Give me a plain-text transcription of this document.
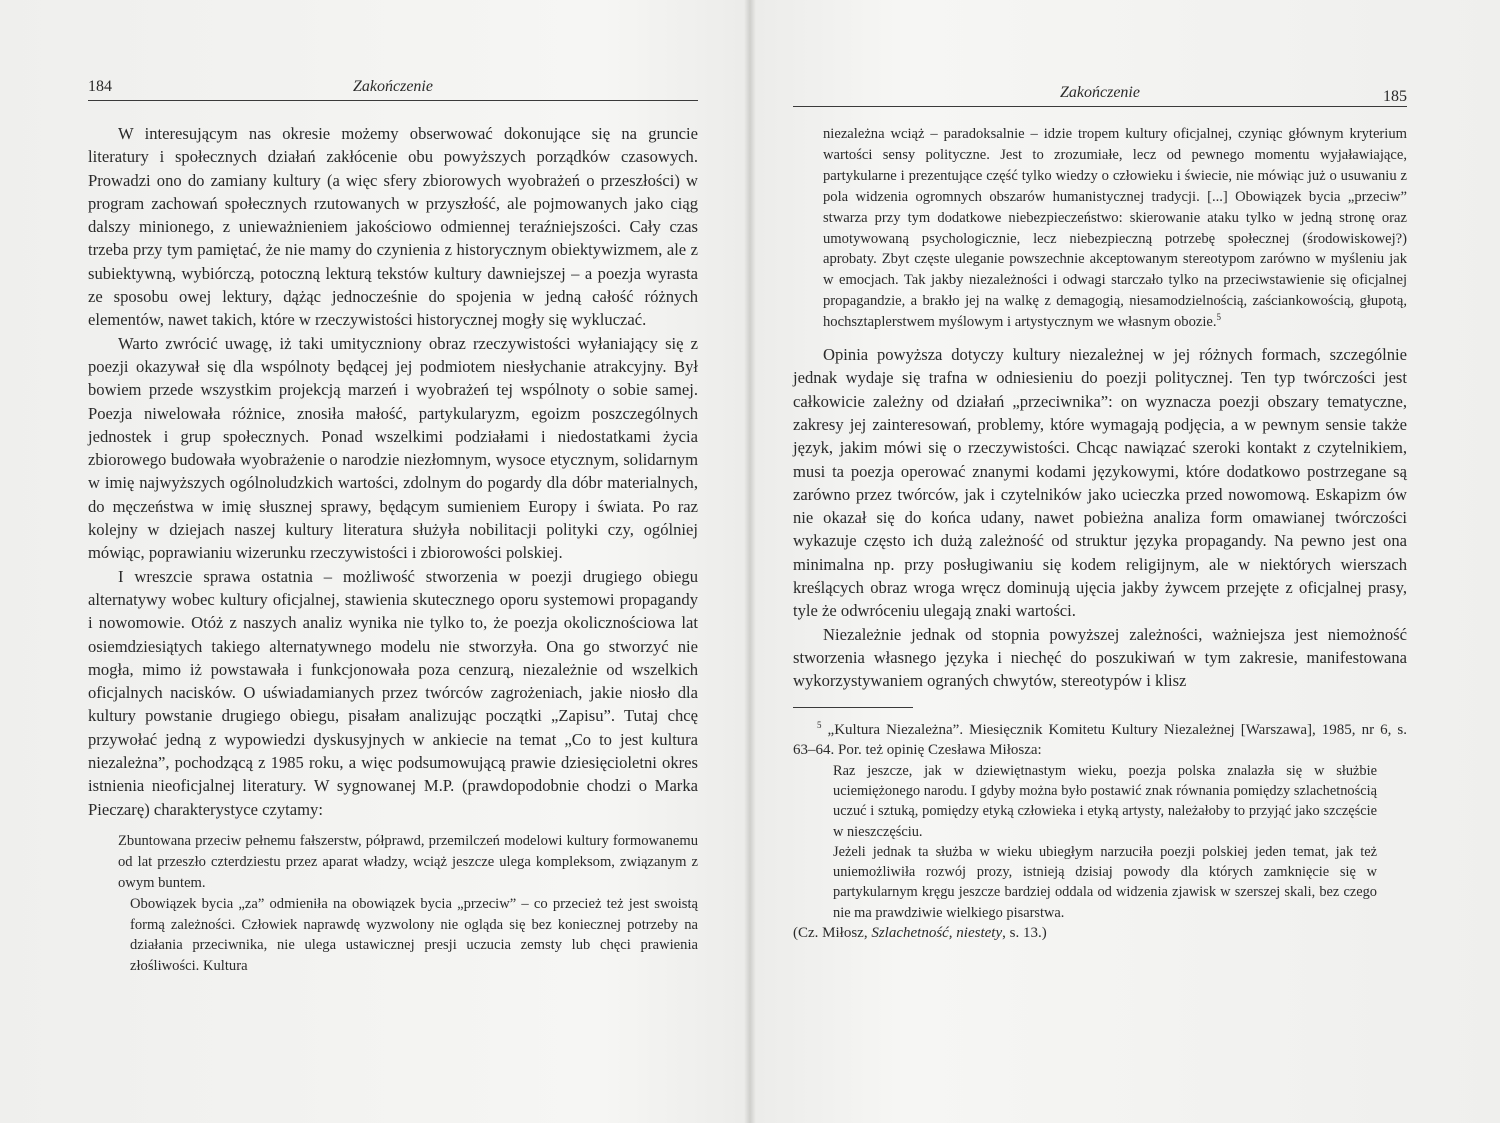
184	Zakończenie

W interesującym nas okresie możemy obserwować dokonujące się na gruncie literatury i społecznych działań zakłócenie obu powyższych porządków czasowych. Prowadzi ono do zamiany kultury (a więc sfery zbiorowych wyobrażeń o przeszłości) w program zachowań społecznych rzutowanych w przyszłość, ale pojmowanych jako ciąg dalszy minionego, z unieważnieniem jakościowo odmiennej teraźniejszości. Cały czas trzeba przy tym pamiętać, że nie mamy do czynienia z historycznym obiektywizmem, ale z subiektywną, wybiórczą, potoczną lekturą tekstów kultury dawniejszej – a poezja wyrasta ze sposobu owej lektury, dążąc jednocześnie do spojenia w jedną całość różnych elementów, nawet takich, które w rzeczywistości historycznej mogły się wykluczać.

Warto zwrócić uwagę, iż taki umityczniony obraz rzeczywistości wyłaniający się z poezji okazywał się dla wspólnoty będącej jej podmiotem niesłychanie atrakcyjny. Był bowiem przede wszystkim projekcją marzeń i wyobrażeń tej wspólnoty o sobie samej. Poezja niwelowała różnice, znosiła małość, partykularyzm, egoizm poszczególnych jednostek i grup społecznych. Ponad wszelkimi podziałami i niedostatkami życia zbiorowego budowała wyobrażenie o narodzie niezłomnym, wysoce etycznym, solidarnym w imię najwyższych ogólnoludzkich wartości, zdolnym do pogardy dla dóbr materialnych, do męczeństwa w imię słusznej sprawy, będącym sumieniem Europy i świata. Po raz kolejny w dziejach naszej kultury literatura służyła nobilitacji polityki czy, ogólniej mówiąc, poprawianiu wizerunku rzeczywistości i zbiorowości polskiej.

I wreszcie sprawa ostatnia – możliwość stworzenia w poezji drugiego obiegu alternatywy wobec kultury oficjalnej, stawienia skutecznego oporu systemowi propagandy i nowomowie. Otóż z naszych analiz wynika nie tylko to, że poezja okolicznościowa lat osiemdziesiątych takiego alternatywnego modelu nie stworzyła. Ona go stworzyć nie mogła, mimo iż powstawała i funkcjonowała poza cenzurą, niezależnie od wszelkich oficjalnych nacisków. O uświadamianych przez twórców zagrożeniach, jakie niosło dla kultury powstanie drugiego obiegu, pisałam analizując początki „Zapisu”. Tutaj chcę przywołać jedną z wypowiedzi dyskusyjnych w ankiecie na temat „Co to jest kultura niezależna”, pochodzącą z 1985 roku, a więc podsumowującą prawie dziesięcioletni okres istnienia nieoficjalnej literatury. W sygnowanej M.P. (prawdopodobnie chodzi o Marka Pieczarę) charakterystyce czytamy:

Zbuntowana przeciw pełnemu fałszerstw, półprawd, przemilczeń modelowi kultury formowanemu od lat przeszło czterdziestu przez aparat władzy, wciąż jeszcze ulega kompleksom, związanym z owym buntem.

Obowiązek bycia „za” odmieniła na obowiązek bycia „przeciw” – co przecież też jest swoistą formą zależności. Człowiek naprawdę wyzwolony nie ogląda się bez koniecznej potrzeby na działania przeciwnika, nie ulega ustawicznej presji uczucia zemsty lub chęci prawienia złośliwości. Kultura

Zakończenie	185

niezależna wciąż – paradoksalnie – idzie tropem kultury oficjalnej, czyniąc głównym kryterium wartości sensy polityczne. Jest to zrozumiałe, lecz od pewnego momentu wyjaławiające, partykularne i prezentujące część tylko wiedzy o człowieku i świecie, nie mówiąc już o usuwaniu z pola widzenia ogromnych obszarów humanistycznej tradycji. [...] Obowiązek bycia „przeciw” stwarza przy tym dodatkowe niebezpieczeństwo: skierowanie ataku tylko w jedną stronę oraz umotywowaną psychologicznie, lecz niebezpieczną potrzebę społecznej (środowiskowej?) aprobaty. Zbyt częste uleganie powszechnie akceptowanym stereotypom zarówno w myśleniu jak w emocjach. Tak jakby niezależności i odwagi starczało tylko na przeciwstawienie się oficjalnej propagandzie, a brakło jej na walkę z demagogią, niesamodzielnością, zaściankowością, głupotą, hochsztaplerstwem myślowym i artystycznym we własnym obozie.$^5$

Opinia powyższa dotyczy kultury niezależnej w jej różnych formach, szczególnie jednak wydaje się trafna w odniesieniu do poezji politycznej. Ten typ twórczości jest całkowicie zależny od działań „przeciwnika”: on wyznacza poezji obszary tematyczne, zakresy jej zainteresowań, problemy, które wymagają podjęcia, a w pewnym sensie także język, jakim mówi się o rzeczywistości. Chcąc nawiązać szeroki kontakt z czytelnikiem, musi ta poezja operować znanymi kodami językowymi, które dodatkowo postrzegane są zarówno przez twórców, jak i czytelników jako ucieczka przed nowomową. Eskapizm ów nie okazał się do końca udany, nawet pobieżna analiza form omawianej twórczości wykazuje często ich dużą zależność od struktur języka propagandy. Na pewno jest ona minimalna np. przy posługiwaniu się kodem religijnym, ale w niektórych wierszach kreślących obraz wroga wręcz dominują ujęcia jakby żywcem przejęte z oficjalnej prasy, tyle że odwróceniu ulegają znaki wartości.

Niezależnie jednak od stopnia powyższej zależności, ważniejsza jest niemożność stworzenia własnego języka i niechęć do poszukiwań w tym zakresie, manifestowana wykorzystywaniem ograných chwytów, stereotypów i klisz

$^5$ „Kultura Niezależna”. Miesięcznik Komitetu Kultury Niezależnej [Warszawa], 1985, nr 6, s. 63–64. Por. też opinię Czesława Miłosza:

Raz jeszcze, jak w dziewiętnastym wieku, poezja polska znalazła się w służbie uciemiężonego narodu. I gdyby można było postawić znak równania pomiędzy szlachetnością uczuć i sztuką, pomiędzy etyką człowieka i etyką artysty, należałoby to przyjąć jako szczęście w nieszczęściu.

Jeżeli jednak ta służba w wieku ubiegłym narzuciła poezji polskiej jeden temat, jak też uniemożliwiła rozwój prozy, istnieją dzisiaj powody dla których zamknięcie się w partykularnym kręgu jeszcze bardziej oddala od widzenia zjawisk w szerszej skali, bez czego nie ma prawdziwie wielkiego pisarstwa.

(Cz. Miłosz, Szlachetność, niestety, s. 13.)
